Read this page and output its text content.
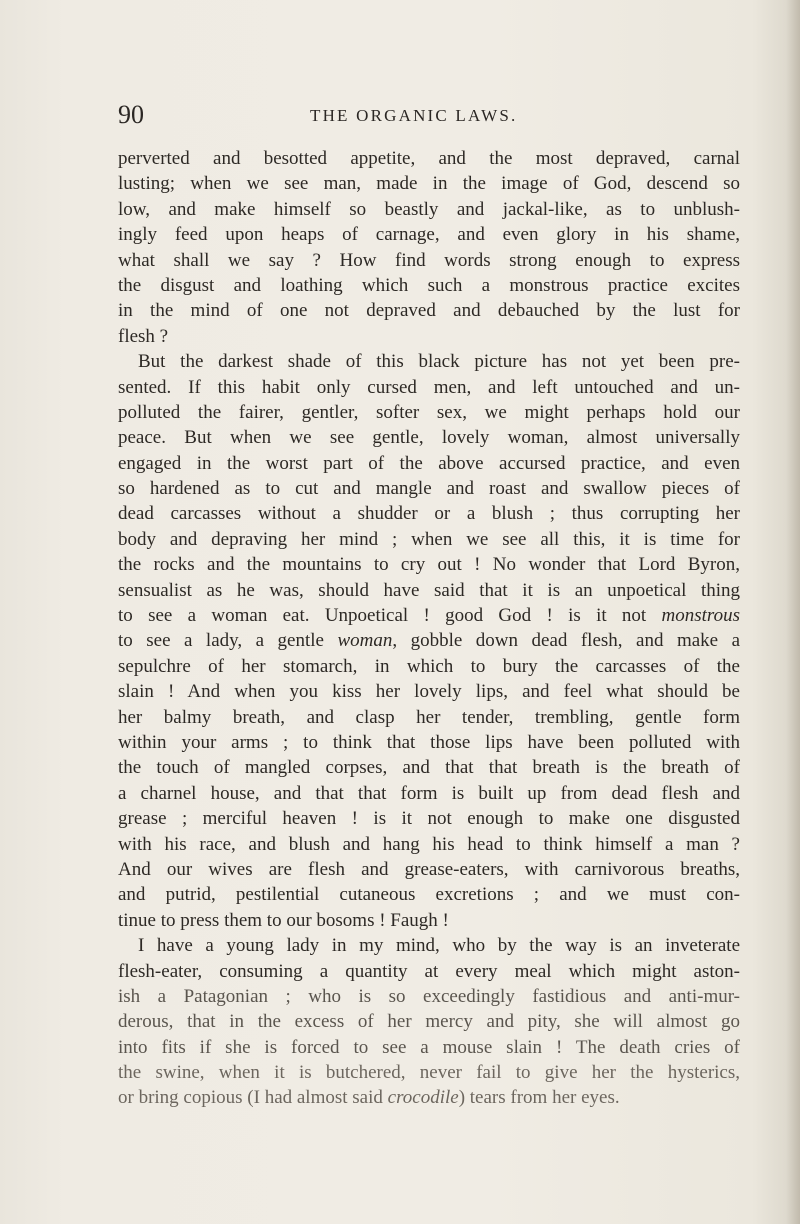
90	THE ORGANIC LAWS.
perverted and besotted appetite, and the most depraved, carnal
lusting; when we see man, made in the image of God, descend so
low, and make himself so beastly and jackal-like, as to unblush-
ingly feed upon heaps of carnage, and even glory in his shame,
what shall we say ? How find words strong enough to express
the disgust and loathing which such a monstrous practice excites
in the mind of one not depraved and debauched by the lust for
flesh ?
But the darkest shade of this black picture has not yet been pre-
sented. If this habit only cursed men, and left untouched and un-
polluted the fairer, gentler, softer sex, we might perhaps hold our
peace. But when we see gentle, lovely woman, almost universally
engaged in the worst part of the above accursed practice, and even
so hardened as to cut and mangle and roast and swallow pieces of
dead carcasses without a shudder or a blush ; thus corrupting her
body and depraving her mind ; when we see all this, it is time for
the rocks and the mountains to cry out ! No wonder that Lord Byron,
sensualist as he was, should have said that it is an unpoetical thing
to see a woman eat. Unpoetical ! good God ! is it not monstrous
to see a lady, a gentle woman, gobble down dead flesh, and make a
sepulchre of her stomarch, in which to bury the carcasses of the
slain ! And when you kiss her lovely lips, and feel what should be
her balmy breath, and clasp her tender, trembling, gentle form
within your arms ; to think that those lips have been polluted with
the touch of mangled corpses, and that that breath is the breath of
a charnel house, and that that form is built up from dead flesh and
grease ; merciful heaven ! is it not enough to make one disgusted
with his race, and blush and hang his head to think himself a man ?
And our wives are flesh and grease-eaters, with carnivorous breaths,
and putrid, pestilential cutaneous excretions ; and we must con-
tinue to press them to our bosoms ! Faugh !
I have a young lady in my mind, who by the way is an inveterate
flesh-eater, consuming a quantity at every meal which might aston-
ish a Patagonian ; who is so exceedingly fastidious and anti-mur-
derous, that in the excess of her mercy and pity, she will almost go
into fits if she is forced to see a mouse slain ! The death cries of
the swine, when it is butchered, never fail to give her the hysterics,
or bring copious (I had almost said crocodile) tears from her eyes.
